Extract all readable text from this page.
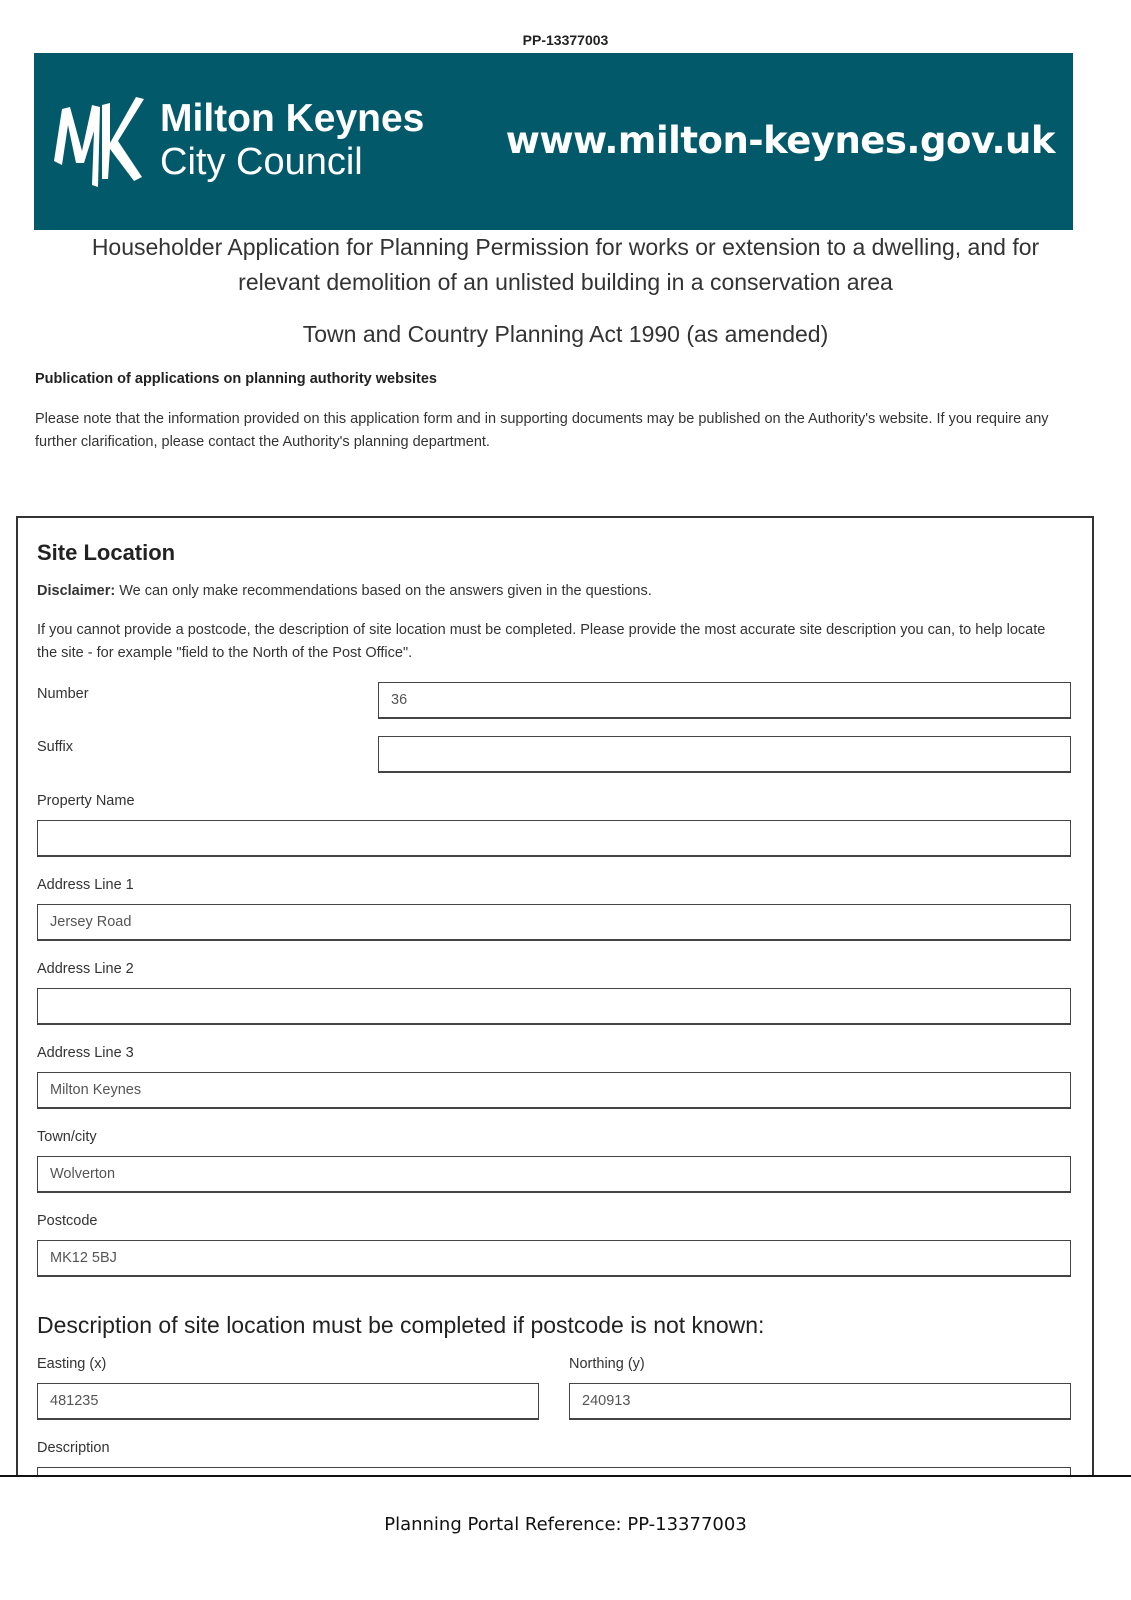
PP-13377003
Milton Keynes
City Council	www.milton-keynes.gov.uk
Householder Application for Planning Permission for works or extension to a dwelling, and for
relevant demolition of an unlisted building in a conservation area
Town and Country Planning Act 1990 (as amended)
Publication of applications on planning authority websites
Please note that the information provided on this application form and in supporting documents may be published on the Authority's website. If you require any further clarification, please contact the Authority's planning department.
Site Location
Disclaimer: We can only make recommendations based on the answers given in the questions.
If you cannot provide a postcode, the description of site location must be completed. Please provide the most accurate site description you can, to help locate the site - for example "field to the North of the Post Office".
Number	36
Suffix
Property Name
Address Line 1
Jersey Road
Address Line 2
Address Line 3
Milton Keynes
Town/city
Wolverton
Postcode
MK12 5BJ
Description of site location must be completed if postcode is not known:
Easting (x)
481235
Northing (y)
240913
Description
Planning Portal Reference: PP-13377003
